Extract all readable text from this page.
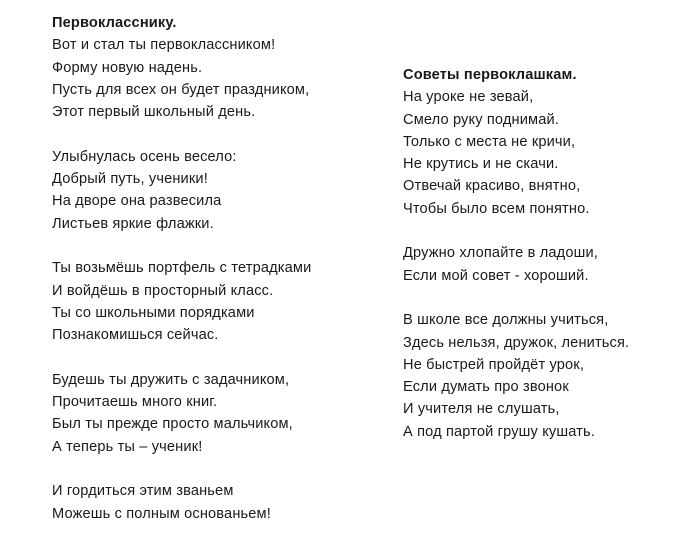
Первокласснику.
Вот и стал ты первоклассником!
Форму новую надень.
Пусть для всех он будет праздником,
Этот первый школьный день.
Улыбнулась осень весело:
Добрый путь, ученики!
На дворе она развесила
Листьев яркие флажки.
Ты возьмёшь портфель с тетрадками
И войдёшь в просторный класс.
Ты со школьными порядками
Познакомишься сейчас.
Будешь ты дружить с задачником,
Прочитаешь много книг.
Был ты прежде просто мальчиком,
А теперь ты – ученик!
И гордиться этим званьем
Можешь с полным основаньем!
Советы первоклашкам.
На уроке не зевай,
Смело руку поднимай.
Только с места не кричи,
Не крутись и не скачи.
Отвечай красиво, внятно,
Чтобы было всем понятно.
Дружно хлопайте в ладоши,
Если мой совет - хороший.
В школе все должны учиться,
Здесь нельзя, дружок, лениться.
Не быстрей пройдёт урок,
Если думать про звонок
И учителя не слушать,
А под партой грушу кушать.
